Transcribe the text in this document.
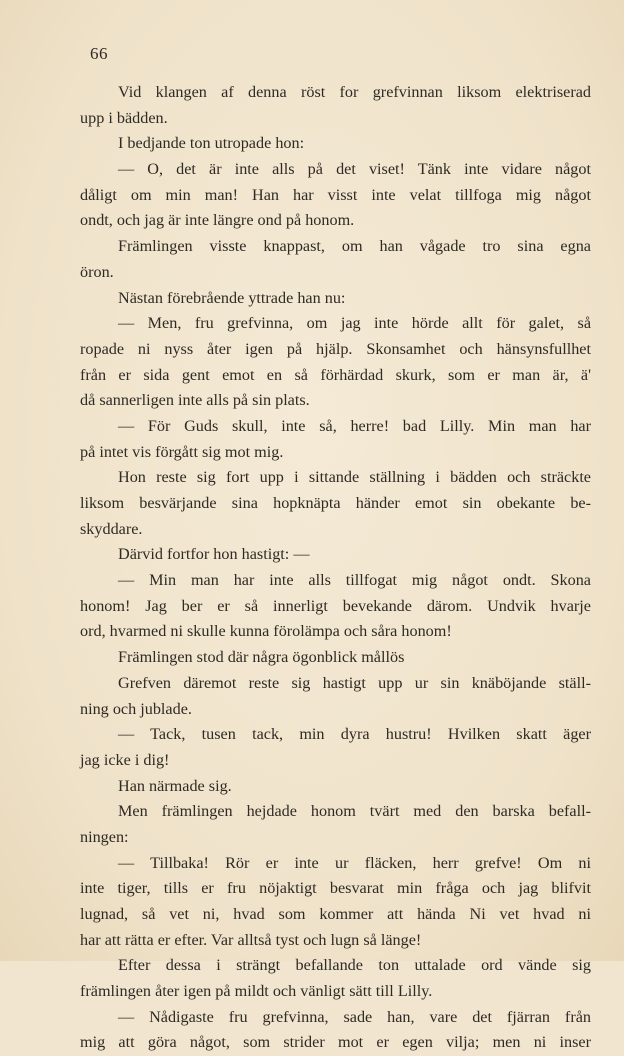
66
Vid klangen af denna röst for grefvinnan liksom elektriserad
upp i bädden.
I bedjande ton utropade hon:
— O, det är inte alls på det viset! Tänk inte vidare något
dåligt om min man! Han har visst inte velat tillfoga mig något
ondt, och jag är inte längre ond på honom.
Främlingen visste knappast, om han vågade tro sina egna
öron.
Nästan förebrående yttrade han nu:
— Men, fru grefvinna, om jag inte hörde allt för galet, så
ropade ni nyss åter igen på hjälp. Skonsamhet och hänsynsfullhet
från er sida gent emot en så förhärdad skurk, som er man är, ä'
då sannerligen inte alls på sin plats.
— För Guds skull, inte så, herre! bad Lilly. Min man har
på intet vis förgått sig mot mig.
Hon reste sig fort upp i sittande ställning i bädden och sträckte
liksom besvärjande sina hopknäpta händer emot sin obekante be-
skyddare.
Därvid fortfor hon hastigt: —
— Min man har inte alls tillfogat mig något ondt. Skona
honom! Jag ber er så innerligt bevekande därom. Undvik hvarje
ord, hvarmed ni skulle kunna förolämpa och såra honom!
Främlingen stod där några ögonblick mållös
Grefven däremot reste sig hastigt upp ur sin knäböjande ställ-
ning och jublade.
— Tack, tusen tack, min dyra hustru! Hvilken skatt äger
jag icke i dig!
Han närmade sig.
Men främlingen hejdade honom tvärt med den barska befall-
ningen:
— Tillbaka! Rör er inte ur fläcken, herr grefve! Om ni
inte tiger, tills er fru nöjaktigt besvarat min fråga och jag blifvit
lugnad, så vet ni, hvad som kommer att hända Ni vet hvad ni
har att rätta er efter. Var alltså tyst och lugn så länge!
Efter dessa i strängt befallande ton uttalade ord vände sig
främlingen åter igen på mildt och vänligt sätt till Lilly.
— Nådigaste fru grefvinna, sade han, vare det fjärran från
mig att göra något, som strider mot er egen vilja; men ni inser
